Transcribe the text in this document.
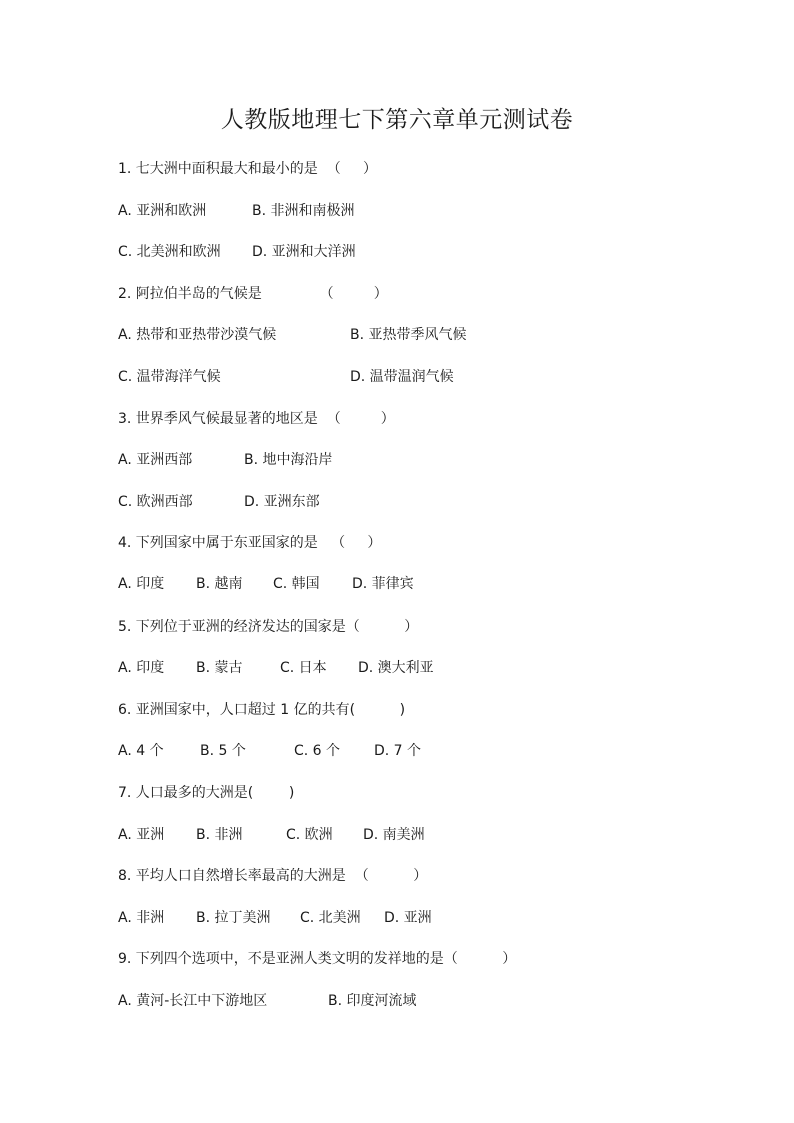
人教版地理七下第六章单元测试卷
1. 七大洲中面积最大和最小的是  （     ）

A. 亚洲和欧洲

	B. 非洲和南极洲

C. 北美洲和欧洲

D. 亚洲和大洋洲

2. 阿拉伯半岛的气候是             （         ）

A. 热带和亚热带沙漠气候

	B. 亚热带季风气候

C. 温带海洋气候

	D. 温带温润气候

3. 世界季风气候最显著的地区是  （         ）

A. 亚洲西部

	B. 地中海沿岸

C. 欧洲西部

	D. 亚洲东部

4. 下列国家中属于东亚国家的是   （     ）

A. 印度

B. 越南

C. 韩国

D. 菲律宾

5. 下列位于亚洲的经济发达的国家是（          ）

A. 印度

B. 蒙古

	C. 日本

D. 澳大利亚

6. 亚洲国家中，人口超过 1 亿的共有(          )

A. 4 个

	B. 5 个

	C. 6 个

D. 7 个

7. 人口最多的大洲是(        )

A. 亚洲

B. 非洲

	C. 欧洲

D. 南美洲

8. 平均人口自然增长率最高的大洲是  （          ）

A. 非洲

B. 拉丁美洲

C. 北美洲

D. 亚洲

9. 下列四个选项中，不是亚洲人类文明的发祥地的是（          ）

A. 黄河-长江中下游地区

	B. 印度河流域
